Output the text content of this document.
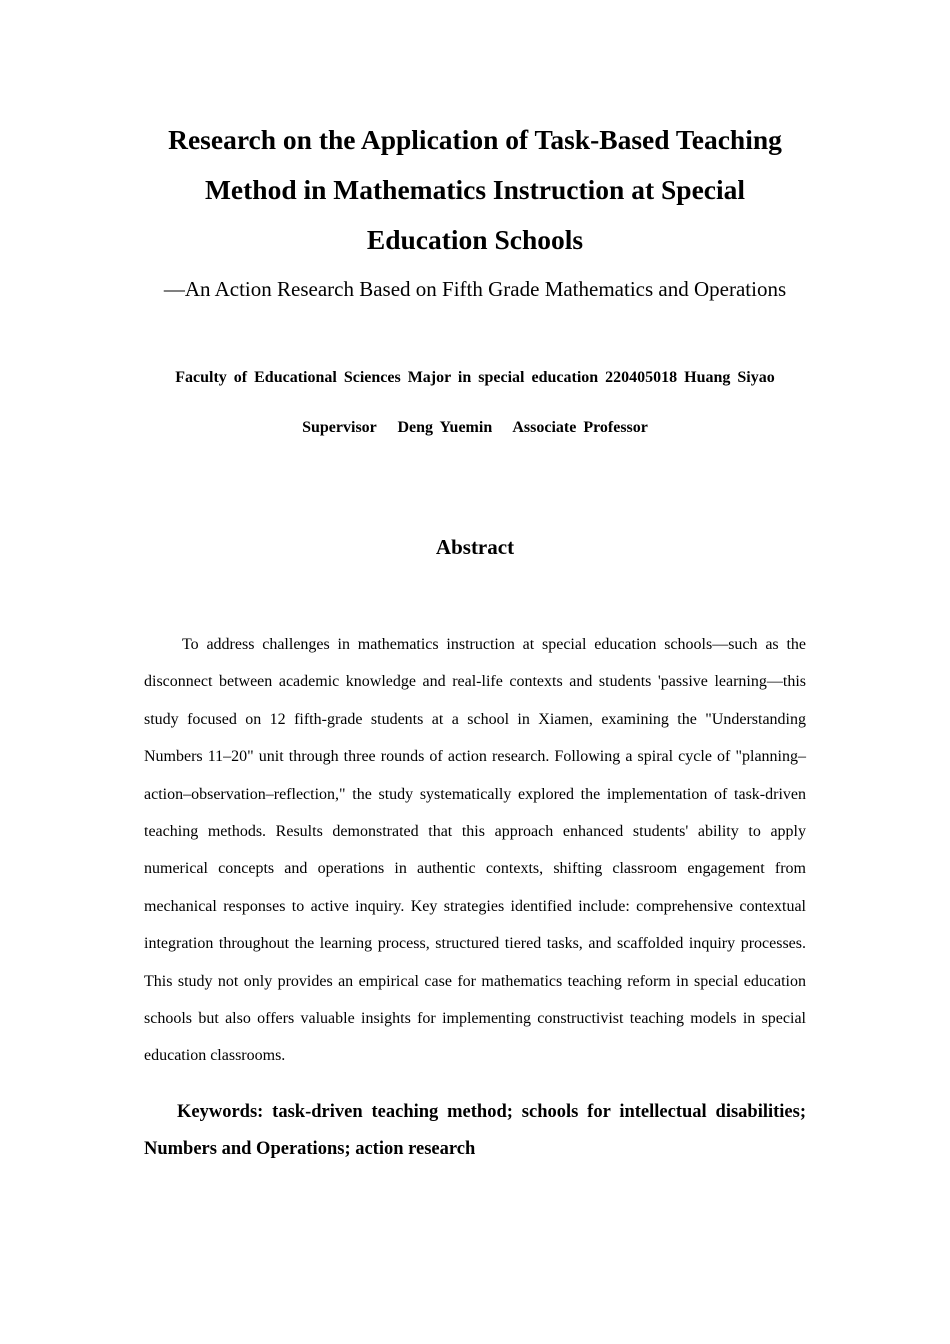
Research on the Application of Task-Based Teaching Method in Mathematics Instruction at Special Education Schools
—An Action Research Based on Fifth Grade Mathematics and Operations
Faculty of Educational Sciences Major in special education 220405018 Huang Siyao
Supervisor   Deng Yuemin   Associate Professor
Abstract

To address challenges in mathematics instruction at special education schools—such as the disconnect between academic knowledge and real-life contexts and students 'passive learning—this study focused on 12 fifth-grade students at a school in Xiamen, examining the "Understanding Numbers 11–20" unit through three rounds of action research. Following a spiral cycle of "planning–action–observation–reflection," the study systematically explored the implementation of task-driven teaching methods. Results demonstrated that this approach enhanced students' ability to apply numerical concepts and operations in authentic contexts, shifting classroom engagement from mechanical responses to active inquiry. Key strategies identified include: comprehensive contextual integration throughout the learning process, structured tiered tasks, and scaffolded inquiry processes. This study not only provides an empirical case for mathematics teaching reform in special education schools but also offers valuable insights for implementing constructivist teaching models in special education classrooms.

Keywords: task-driven teaching method; schools for intellectual disabilities; Numbers and Operations; action research
